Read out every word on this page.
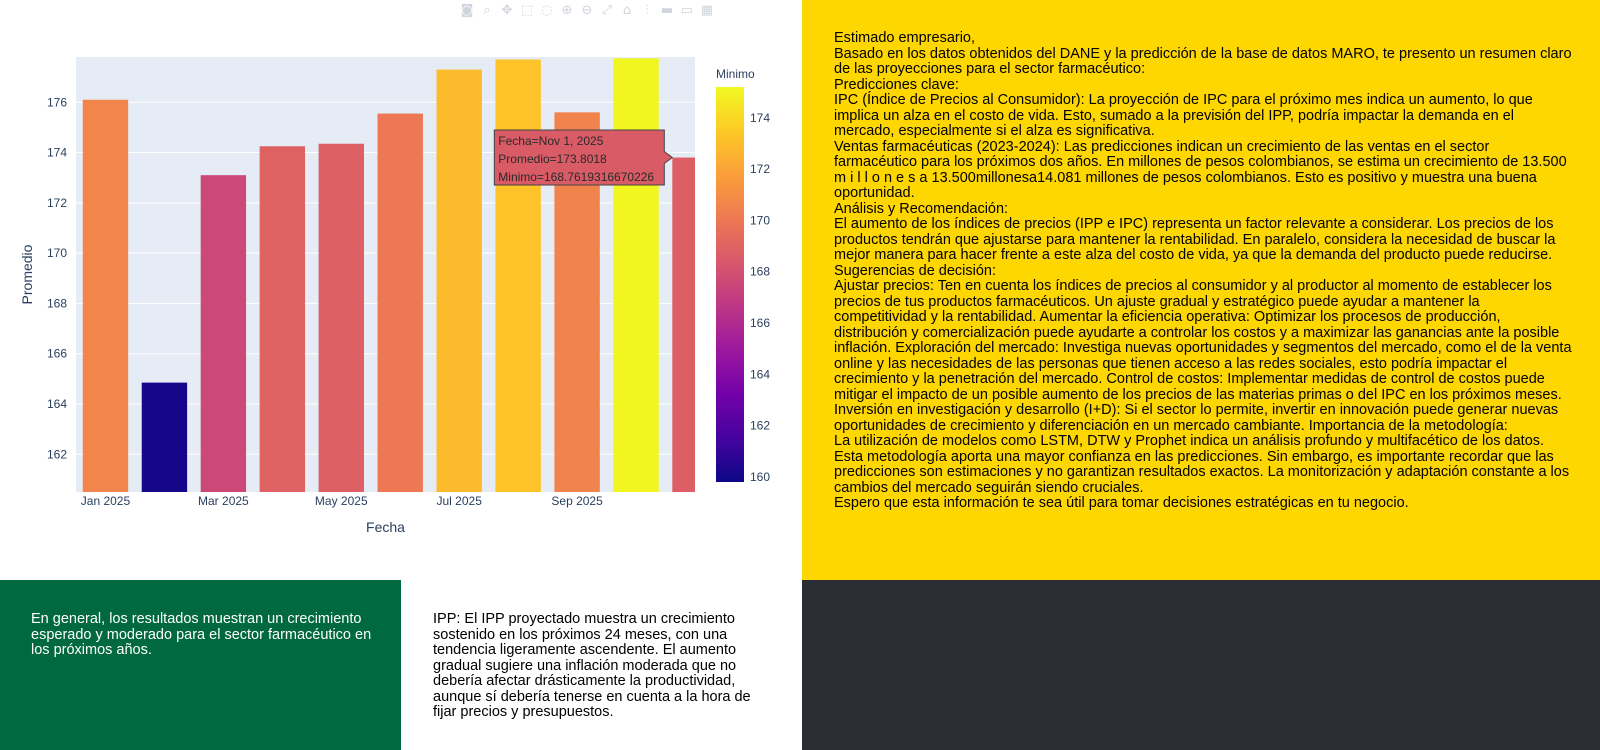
◙ ⌕ ✥ ⬚ ◌ ⊕ ⊖ ⤢ ⌂	⫶ ▬ ▭ ▦
162
164
166
168
170
172
174
176
Jan 2025	Mar 2025	May 2025	Jul 2025	Sep 2025
Fecha
Promedio
Minimo
160
162
164
166
168
170
172
174
Fecha=Nov 1, 2025
Promedio=173.8018
Minimo=168.7619316670226

Estimado empresario,

Basado en los datos obtenidos del DANE y la predicción de la base de datos MARO, te presento un resumen claro de las proyecciones para el sector farmacéutico:

Predicciones clave:

IPC (Índice de Precios al Consumidor): La proyección de IPC para el próximo mes indica un aumento, lo que implica un alza en el costo de vida. Esto, sumado a la previsión del IPP, podría impactar la demanda en el mercado, especialmente si el alza es significativa.

Ventas farmacéuticas (2023-2024): Las predicciones indican un crecimiento de las ventas en el sector farmacéutico para los próximos dos años. En millones de pesos colombianos, se estima un crecimiento de 13.500 m i l l o n e s a 13.500millonesa14.081 millones de pesos colombianos. Esto es positivo y muestra una buena oportunidad.

Análisis y Recomendación:

El aumento de los índices de precios (IPP e IPC) representa un factor relevante a considerar. Los precios de los productos tendrán que ajustarse para mantener la rentabilidad. En paralelo, considera la necesidad de buscar la mejor manera para hacer frente a este alza del costo de vida, ya que la demanda del producto puede reducirse.

Sugerencias de decisión:

Ajustar precios: Ten en cuenta los índices de precios al consumidor y al productor al momento de establecer los precios de tus productos farmacéuticos. Un ajuste gradual y estratégico puede ayudar a mantener la competitividad y la rentabilidad. Aumentar la eficiencia operativa: Optimizar los procesos de producción, distribución y comercialización puede ayudarte a controlar los costos y a maximizar las ganancias ante la posible inflación. Exploración del mercado: Investiga nuevas oportunidades y segmentos del mercado, como el de la venta online y las necesidades de las personas que tienen acceso a las redes sociales, esto podría impactar el crecimiento y la penetración del mercado. Control de costos: Implementar medidas de control de costos puede mitigar el impacto de un posible aumento de los precios de las materias primas o del IPC en los próximos meses. Inversión en investigación y desarrollo (I+D): Si el sector lo permite, invertir en innovación puede generar nuevas oportunidades de crecimiento y diferenciación en un mercado cambiante. Importancia de la metodología:

La utilización de modelos como LSTM, DTW y Prophet indica un análisis profundo y multifacético de los datos. Esta metodología aporta una mayor confianza en las predicciones. Sin embargo, es importante recordar que las predicciones son estimaciones y no garantizan resultados exactos. La monitorización y adaptación constante a los cambios del mercado seguirán siendo cruciales.

Espero que esta información te sea útil para tomar decisiones estratégicas en tu negocio.

En general, los resultados muestran un crecimiento esperado y moderado para el sector farmacéutico en los próximos años.

IPP: El IPP proyectado muestra un crecimiento sostenido en los próximos 24 meses, con una tendencia ligeramente ascendente. El aumento gradual sugiere una inflación moderada que no debería afectar drásticamente la productividad, aunque sí debería tenerse en cuenta a la hora de fijar precios y presupuestos.
